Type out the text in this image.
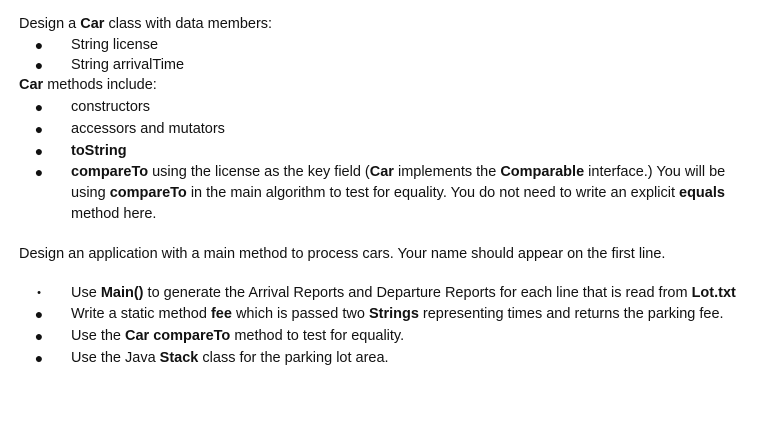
Design a Car class with data members:
● String license
● String arrivalTime
Car methods include:
● constructors
● accessors and mutators
● toString
● compareTo using the license as the key field (Car implements the Comparable interface.) You will be using compareTo in the main algorithm to test for equality. You do not need to write an explicit equals method here.
Design an application with a main method to process cars. Your name should appear on the first line.
•	Use Main() to generate the Arrival Reports and Departure Reports for each line that is read from Lot.txt
● Write a static method fee which is passed two Strings representing times and returns the parking fee.
● Use the Car compareTo method to test for equality.
● Use the Java Stack class for the parking lot area.
